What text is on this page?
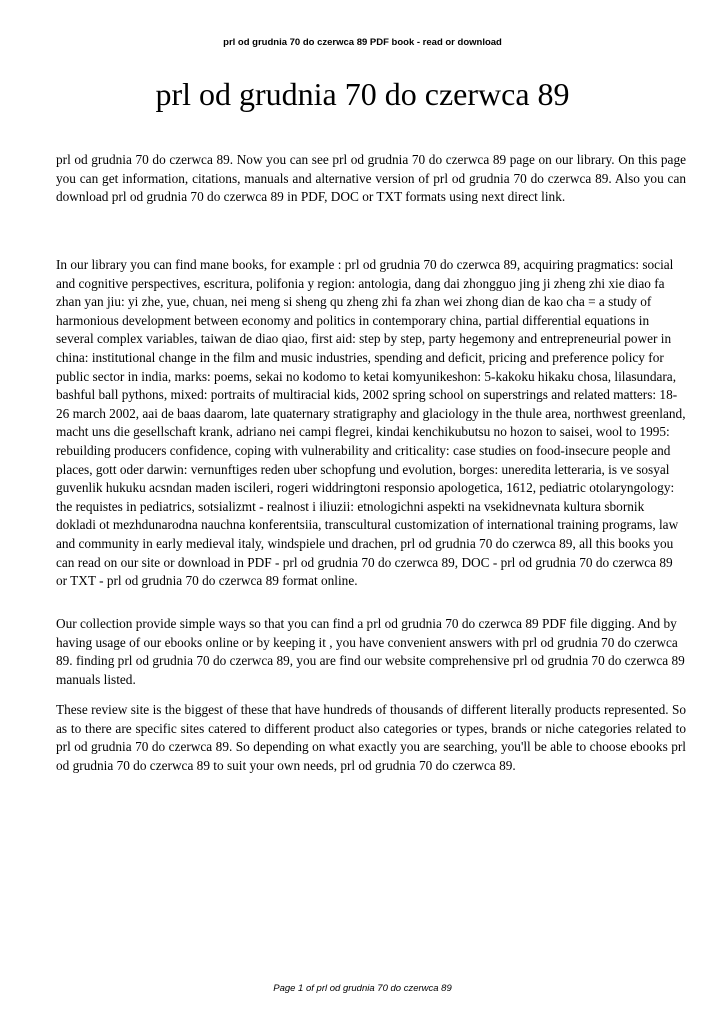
prl od grudnia 70 do czerwca 89 PDF book - read or download
prl od grudnia 70 do czerwca 89

prl od grudnia 70 do czerwca 89. Now you can see prl od grudnia 70 do czerwca 89 page on our library. On this page you can get information, citations, manuals and alternative version of prl od grudnia 70 do czerwca 89. Also you can download prl od grudnia 70 do czerwca 89 in PDF, DOC or TXT formats using next direct link.

In our library you can find mane books, for example : prl od grudnia 70 do czerwca 89, acquiring pragmatics: social and cognitive perspectives, escritura, polifonia y region: antologia, dang dai zhongguo jing ji zheng zhi xie diao fa zhan yan jiu: yi zhe, yue, chuan, nei meng si sheng qu zheng zhi fa zhan wei zhong dian de kao cha = a study of harmonious development between economy and politics in contemporary china, partial differential equations in several complex variables, taiwan de diao qiao, first aid: step by step, party hegemony and entrepreneurial power in china: institutional change in the film and music industries, spending and deficit, pricing and preference policy for public sector in india, marks: poems, sekai no kodomo to ketai komyunikeshon: 5-kakoku hikaku chosa, lilasundara, bashful ball pythons, mixed: portraits of multiracial kids, 2002 spring school on superstrings and related matters: 18-26 march 2002, aai de baas daarom, late quaternary stratigraphy and glaciology in the thule area, northwest greenland, macht uns die gesellschaft krank, adriano nei campi flegrei, kindai kenchikubutsu no hozon to saisei, wool to 1995: rebuilding producers confidence, coping with vulnerability and criticality: case studies on food-insecure people and places, gott oder darwin: vernunftiges reden uber schopfung und evolution, borges: uneredita letteraria, is ve sosyal guvenlik hukuku acsndan maden iscileri, rogeri widdringtoni responsio apologetica, 1612, pediatric otolaryngology: the requistes in pediatrics, sotsializmt - realnost i iliuzii: etnologichni aspekti na vsekidnevnata kultura sbornik dokladi ot mezhdunarodna nauchna konferentsiia, transcultural customization of international training programs, law and community in early medieval italy, windspiele und drachen, prl od grudnia 70 do czerwca 89, all this books you can read on our site or download in PDF - prl od grudnia 70 do czerwca 89, DOC - prl od grudnia 70 do czerwca 89 or TXT - prl od grudnia 70 do czerwca 89 format online.

Our collection provide simple ways so that you can find a prl od grudnia 70 do czerwca 89 PDF file digging. And by having usage of our ebooks online or by keeping it , you have convenient answers with prl od grudnia 70 do czerwca 89. finding prl od grudnia 70 do czerwca 89, you are find our website comprehensive prl od grudnia 70 do czerwca 89 manuals listed.

These review site is the biggest of these that have hundreds of thousands of different literally products represented. So as to there are specific sites catered to different product also categories or types, brands or niche categories related to prl od grudnia 70 do czerwca 89. So depending on what exactly you are searching, you'll be able to choose ebooks prl od grudnia 70 do czerwca 89 to suit your own needs, prl od grudnia 70 do czerwca 89.

Page 1 of prl od grudnia 70 do czerwca 89
